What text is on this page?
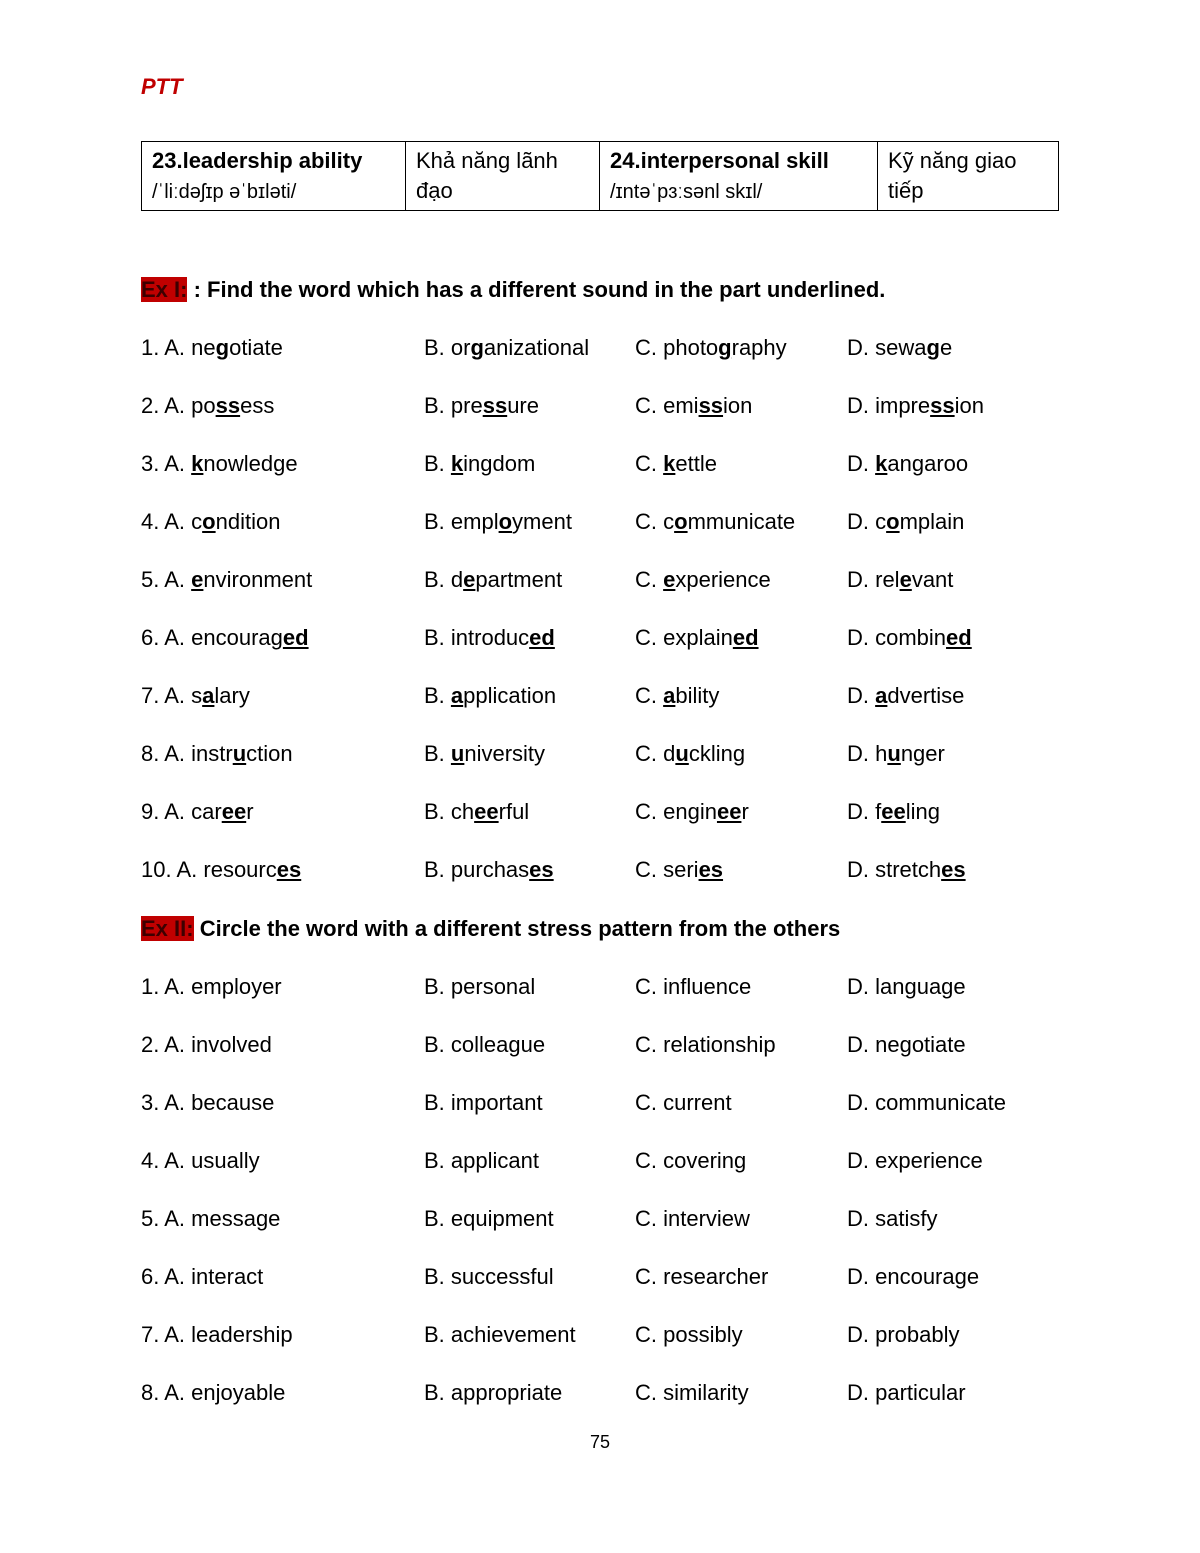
PTT
23.leadership ability
/ˈliːdəʃɪp əˈbɪləti/	Khả năng lãnh đạo	24.interpersonal skill
/ɪntəˈpɜːsənl skɪl/	Kỹ năng giao tiếp
Ex I: : Find the word which has a different sound in the part underlined.
1. A. negotiate	B. organizational C. photography	D. sewage
2. A. possess	B. pressure	C. emission	D. impression
3. A. knowledge	B. kingdom	C. kettle	D. kangaroo
4. A. condition	B. employment	C. communicate D. complain
5. A. environment	B. department	C. experience	D. relevant
6. A. encouraged	B. introduced	C. explained	D. combined
7. A. salary	B. application	C. ability	D. advertise
8. A. instruction	B. university	C. duckling	D. hunger
9. A. career	B. cheerful	C. engineer	D. feeling
10. A. resources	B. purchases	C. series	D. stretches
Ex II: Circle the word with a different stress pattern from the others
1. A. employer	B. personal	C. influence	D. language
2. A. involved	B. colleague	C. relationship	D. negotiate
3. A. because	B. important	C. current	D. communicate
4. A. usually	B. applicant	C. covering	D. experience
5. A. message	B. equipment	C. interview	D. satisfy
6. A. interact	B. successful	C. researcher	D. encourage
7. A. leadership	B. achievement	C. possibly	D. probably
8. A. enjoyable	B. appropriate	C. similarity	D. particular
75
